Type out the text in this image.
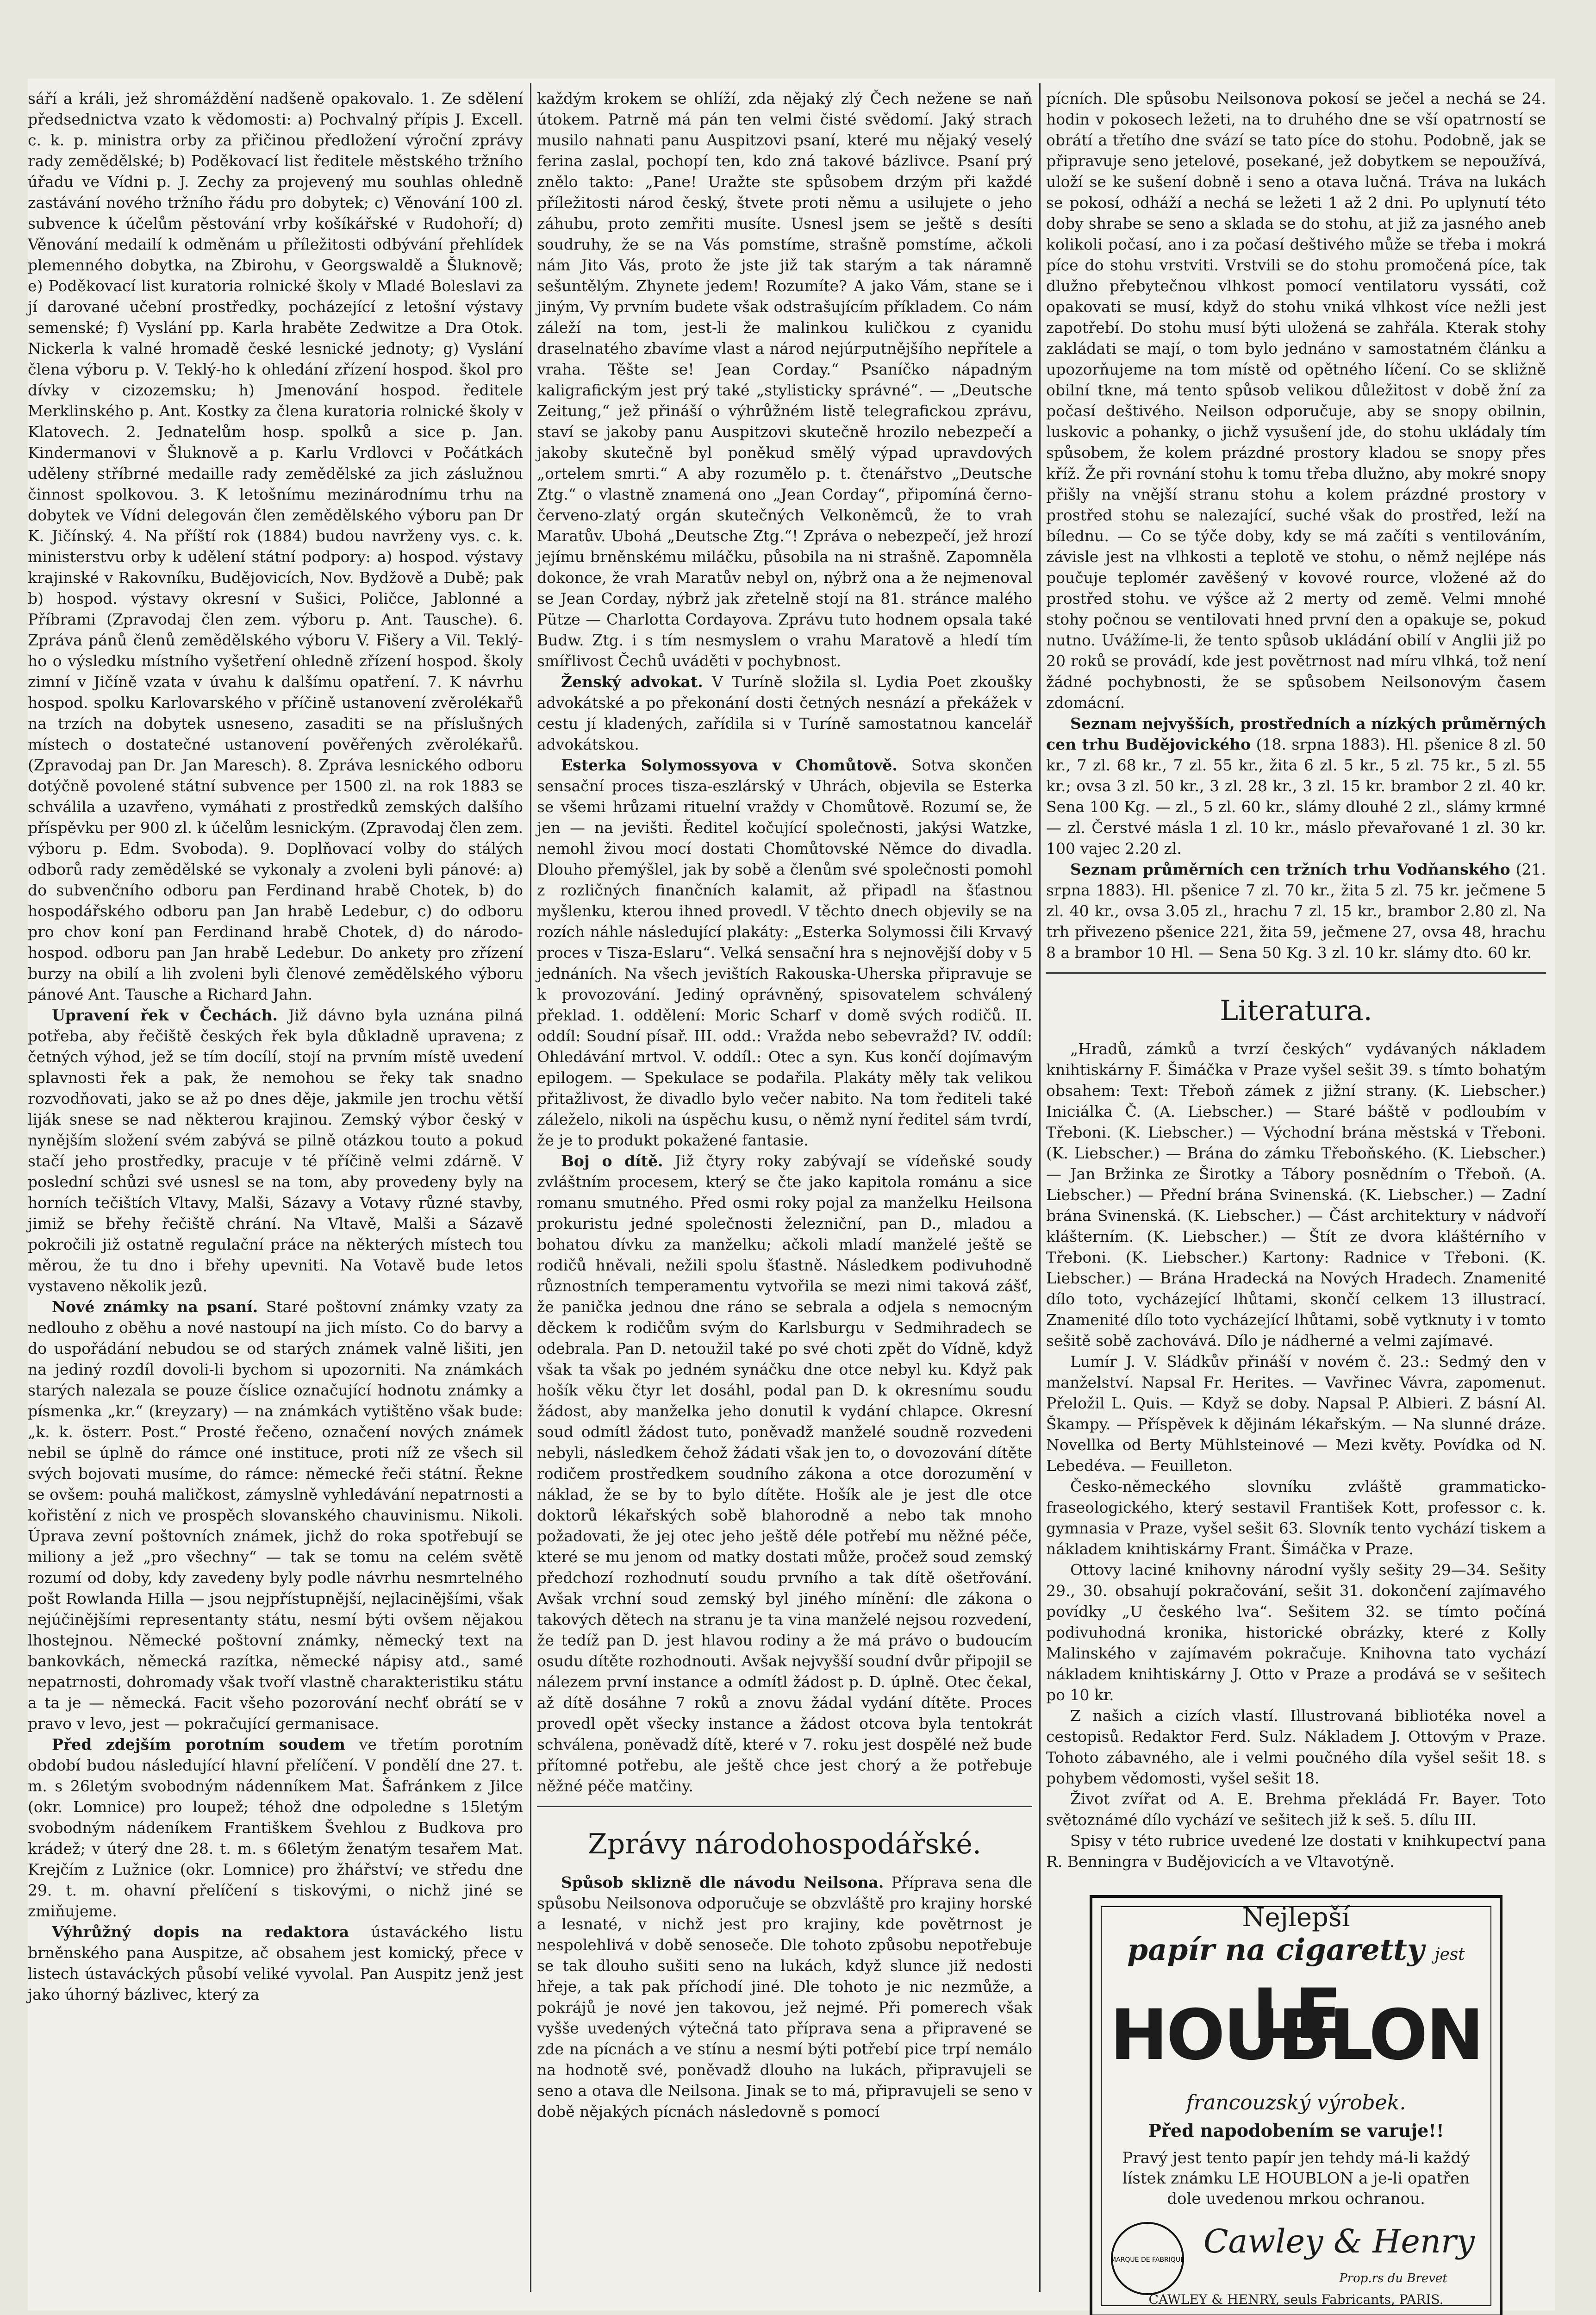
sáří a králi, jež shromáždění nadšeně opakovalo. 1. Ze sdělení předsednictva vzato k vědomosti: a) Pochvalný přípis J. Excell. c. k. p. ministra orby za přičinou předložení výroční zprávy rady zemědělské; b) Poděkovací list ředitele městského tržního úřadu ve Vídni p. J. Zechy za projevený mu souhlas ohledně zastávání nového tržního řádu pro dobytek; c) Věnování 100 zl. subvence k účelům pěstování vrby košíkářské v Rudohoří; d) Věnování medailí k odměnám u příležitosti odbývání přehlídek plemenného dobytka, na Zbirohu, v Georgswaldě a Šluknově; e) Poděkovací list kuratoria rolnické školy v Mladé Boleslavi za jí darované učební prostředky, pocházející z letošní výstavy semenské; f) Vyslání pp. Karla hraběte Zedwitze a Dra Otok. Nickerla k valné hromadě české lesnické jednoty; g) Vyslání člena výboru p. V. Teklý-ho k ohledání zřízení hospod. škol pro dívky v cizozemsku; h) Jmenování hospod. ředitele Merklinského p. Ant. Kostky za člena kuratoria rolnické školy v Klatovech. 2. Jednatelům hosp. spolků a sice p. Jan. Kindermanovi v Šluknově a p. Karlu Vrdlovci v Počátkách uděleny stříbrné medaille rady zemědělské za jich záslužnou činnost spolkovou. 3. K letošnímu mezinárodnímu trhu na dobytek ve Vídni delegován člen zemědělského výboru pan Dr K. Jičínský. 4. Na příští rok (1884) budou navrženy vys. c. k. ministerstvu orby k udělení státní podpory: a) hospod. výstavy krajinské v Rakovníku, Budějovicích, Nov. Bydžově a Dubě; pak b) hospod. výstavy okresní v Sušici, Poličce, Jablonné a Příbrami (Zpravodaj člen zem. výboru p. Ant. Tausche). 6. Zpráva pánů členů zemědělského výboru V. Fišery a Vil. Teklý-ho o výsledku místního vyšetření ohledně zřízení hospod. školy zimní v Jičíně vzata v úvahu k dalšímu opatření. 7. K návrhu hospod. spolku Karlovarského v příčině ustanovení zvěrolékařů na trzích na dobytek usneseno, zasaditi se na příslušných místech o dostatečné ustanovení pověřených zvěrolékařů. (Zpravodaj pan Dr. Jan Maresch). 8. Zpráva lesnického odboru dotýčně povolené státní subvence per 1500 zl. na rok 1883 se schválila a uzavřeno, vymáhati z prostředků zemských dalšího příspěvku per 900 zl. k účelům lesnickým. (Zpravodaj člen zem. výboru p. Edm. Svoboda). 9. Doplňovací volby do stálých odborů rady zemědělské se vykonaly a zvoleni byli pánové: a) do subvenčního odboru pan Ferdinand hrabě Chotek, b) do hospodářského odboru pan Jan hrabě Ledebur, c) do odboru pro chov koní pan Ferdinand hrabě Chotek, d) do národo-hospod. odboru pan Jan hrabě Ledebur. Do ankety pro zřízení burzy na obilí a lih zvoleni byli členové zemědělského výboru pánové Ant. Tausche a Richard Jahn.

Upravení řek v Čechách. Již dávno byla uznána pilná potřeba, aby řečiště českých řek byla důkladně upravena; z četných výhod, jež se tím docílí, stojí na prvním místě uvedení splavnosti řek a pak, že nemohou se řeky tak snadno rozvodňovati, jako se až po dnes děje, jakmile jen trochu větší liják snese se nad některou krajinou. Zemský výbor český v nynějším složení svém zabývá se pilně otázkou touto a pokud stačí jeho prostředky, pracuje v té příčině velmi zdárně. V poslední schůzi své usnesl se na tom, aby provedeny byly na horních tečištích Vltavy, Malši, Sázavy a Votavy různé stavby, jimiž se břehy řečiště chrání. Na Vltavě, Malši a Sázavě pokročili již ostatně regulační práce na některých místech tou měrou, že tu dno i břehy upevniti. Na Votavě bude letos vystaveno několik jezů.

Nové známky na psaní. Staré poštovní známky vzaty za nedlouho z oběhu a nové nastoupí na jich místo. Co do barvy a do uspořádání nebudou se od starých známek valně lišiti, jen na jediný rozdíl dovoli-li bychom si upozorniti. Na známkách starých nalezala se pouze číslice označující hodnotu známky a písmenka „kr.“ (kreyzary) — na známkách vytištěno však bude: „k. k. österr. Post.“ Prosté řečeno, označení nových známek nebil se úplně do rámce oné instituce, proti níž ze všech sil svých bojovati musíme, do rámce: německé řeči státní. Řekne se ovšem: pouhá maličkost, zámyslně vyhledávání nepatrnosti a kořistění z nich ve prospěch slovanského chauvinismu. Nikoli. Úprava zevní poštovních známek, jichž do roka spotřebují se miliony a jež „pro všechny“ — tak se tomu na celém světě rozumí od doby, kdy zavedeny byly podle návrhu nesmrtelného pošt Rowlanda Hilla — jsou nejpřístupnější, nejlacinějšími, však nejúčinějšími representanty státu, nesmí býti ovšem nějakou lhostejnou. Německé poštovní známky, německý text na bankovkách, německá razítka, německé nápisy atd., samé nepatrnosti, dohromady však tvoří vlastně charakteristiku státu a ta je — německá. Facit všeho pozorování nechť obrátí se v pravo v levo, jest — pokračující germanisace.

Před zdejším porotním soudem ve třetím porotním období budou následující hlavní přelíčení. V pondělí dne 27. t. m. s 26letým svobodným nádenníkem Mat. Šafránkem z Jilce (okr. Lomnice) pro loupež; téhož dne odpoledne s 15letým svobodným nádeníkem Františkem Švehlou z Budkova pro krádež; v úterý dne 28. t. m. s 66letým ženatým tesařem Mat. Krejčím z Lužnice (okr. Lomnice) pro žhářství; ve středu dne 29. t. m. ohavní přelíčení s tiskovými, o nichž jiné se zmiňujeme.

Výhrůžný dopis na redaktora ústaváckého listu brněnského pana Auspitze, ač obsahem jest komický, přece v listech ústaváckých působí veliké vyvolal. Pan Auspitz jenž jest jako úhorný bázlivec, který za

každým krokem se ohlíží, zda nějaký zlý Čech nežene se naň útokem. Patrně má pán ten velmi čisté svědomí. Jaký strach musilo nahnati panu Auspitzovi psaní, které mu nějaký veselý ferina zaslal, pochopí ten, kdo zná takové bázlivce. Psaní prý znělo takto: „Pane! Uražte ste spůsobem drzým při každé příležitosti národ český, štvete proti němu a usilujete o jeho záhubu, proto zemřiti musíte. Usnesl jsem se ještě s desíti soudruhy, že se na Vás pomstíme, strašně pomstíme, ačkoli nám Jito Vás, proto že jste již tak starým a tak náramně sešuntělým. Zhynete jedem! Rozumíte? A jako Vám, stane se i jiným, Vy prvním budete však odstrašujícím příkladem. Co nám záleží na tom, jest-li že malinkou kuličkou z cyanidu draselnatého zbavíme vlast a národ nejúrputnějšího nepřítele a vraha. Těšte se! Jean Corday.“ Psaníčko nápadným kaligrafickým jest prý také „stylisticky správné“. — „Deutsche Zeitung,“ jež přináší o výhrůžném listě telegrafickou zprávu, staví se jakoby panu Auspitzovi skutečně hrozilo nebezpečí a jakoby skutečně byl poněkud smělý výpad upravdových „ortelem smrti.“ A aby rozumělo p. t. čtenářstvo „Deutsche Ztg.“ o vlastně znamená ono „Jean Corday“, připomíná černo-červeno-zlatý orgán skutečných Velkoněmců, že to vrah Maratův. Ubohá „Deutsche Ztg.“! Zpráva o nebezpečí, jež hrozí jejímu brněnskému miláčku, působila na ni strašně. Zapomněla dokonce, že vrah Maratův nebyl on, nýbrž ona a že nejmenoval se Jean Corday, nýbrž jak zřetelně stojí na 81. stránce malého Pütze — Charlotta Cordayova. Zprávu tuto hodnem opsala také Budw. Ztg. i s tím nesmyslem o vrahu Maratově a hledí tím smířlivost Čechů uváděti v pochybnost.

Ženský advokat. V Turíně složila sl. Lydia Poet zkoušky advokátské a po překonání dosti četných nesnází a překážek v cestu jí kladených, zařídila si v Turíně samostatnou kancelář advokátskou.

Esterka Solymossyova v Chomůtově. Sotva skončen sensační proces tisza-eszlárský v Uhrách, objevila se Esterka se všemi hrůzami rituelní vraždy v Chomůtově. Rozumí se, že jen — na jevišti. Ředitel kočující společnosti, jakýsi Watzke, nemohl živou mocí dostati Chomůtovské Němce do divadla. Dlouho přemýšlel, jak by sobě a členům své společnosti pomohl z rozličných finančních kalamit, až připadl na šťastnou myšlenku, kterou ihned provedl. V těchto dnech objevily se na rozích náhle následující plakáty: „Esterka Solymossi čili Krvavý proces v Tisza-Eslaru“. Velká sensační hra s nejnovější doby v 5 jednáních. Na všech jevištích Rakouska-Uherska připravuje se k provozování. Jediný oprávněný, spisovatelem schválený překlad. 1. oddělení: Moric Scharf v domě svých rodičů. II. oddíl: Soudní písař. III. odd.: Vražda nebo sebevražd? IV. oddíl: Ohledávání mrtvol. V. oddíl.: Otec a syn. Kus končí dojímavým epilogem. — Spekulace se podařila. Plakáty měly tak velikou přitažlivost, že divadlo bylo večer nabito. Na tom řediteli také záleželo, nikoli na úspěchu kusu, o němž nyní ředitel sám tvrdí, že je to produkt pokažené fantasie.

Boj o dítě. Již čtyry roky zabývají se vídeňské soudy zvláštním procesem, který se čte jako kapitola románu a sice romanu smutného. Před osmi roky pojal za manželku Heilsona prokuristu jedné společnosti železniční, pan D., mladou a bohatou dívku za manželku; ačkoli mladí manželé ještě se rodičů hněvali, nežili spolu šťastně. Následkem podivuhodně různostních temperamentu vytvořila se mezi nimi taková zášť, že panička jednou dne ráno se sebrala a odjela s nemocným děckem k rodičům svým do Karlsburgu v Sedmihradech se odebrala. Pan D. netoužil také po své choti zpět do Vídně, když však ta však po jedném synáčku dne otce nebyl ku. Když pak hošík věku čtyr let dosáhl, podal pan D. k okresnímu soudu žádost, aby manželka jeho donutil k vydání chlapce. Okresní soud odmítl žádost tuto, poněvadž manželé soudně rozvedeni nebyli, následkem čehož žádati však jen to, o dovozování dítěte rodičem prostředkem soudního zákona a otce dorozumění v náklad, že se by to bylo dítěte. Hošík ale je jest dle otce doktorů lékařských sobě blahorodně a nebo tak mnoho požadovati, že jej otec jeho ještě déle potřebí mu něžné péče, které se mu jenom od matky dostati může, pročež soud zemský předchozí rozhodnutí soudu prvního a tak dítě ošetřování. Avšak vrchní soud zemský byl jiného mínění: dle zákona o takových dětech na stranu je ta vina manželé nejsou rozvedení, že tedíž pan D. jest hlavou rodiny a že má právo o budoucím osudu dítěte rozhodnouti. Avšak nejvyšší soudní dvůr připojil se nálezem první instance a odmítl žádost p. D. úplně. Otec čekal, až dítě dosáhne 7 roků a znovu žádal vydání dítěte. Proces provedl opět všecky instance a žádost otcova byla tentokrát schválena, poněvadž dítě, které v 7. roku jest dospělé než bude přítomné potřebu, ale ještě chce jest chorý a že potřebuje něžné péče matčiny.

Zprávy národohospodářské.

Spůsob skliznĕ dle návodu Neilsona. Příprava sena dle spůsobu Neilsonova odporučuje se obzvláště pro krajiny horské a lesnaté, v nichž jest pro krajiny, kde povětrnost je nespolehlivá v době senoseče. Dle tohoto způsobu nepotřebuje se tak dlouho sušiti seno na lukách, když slunce již nedosti hřeje, a tak pak příchodí jiné. Dle tohoto je nic nezmůže, a pokrájů je nové jen takovou, jež nejmé. Při pomerech však vyšše uvedených výtečná tato příprava sena a připravené se zde na pícnách a ve stínu a nesmí býti potřebí pice trpí nemálo na hodnotě své, poněvadž dlouho na lukách, připravujeli se seno a otava dle Neilsona. Jinak se to má, připravujeli se seno v době nějakých pícnách následovně s pomocí

pícních. Dle spůsobu Neilsonova pokosí se ječel a nechá se 24. hodin v pokosech ležeti, na to druhého dne se vší opatrností se obrátí a třetího dne svází se tato píce do stohu. Podobně, jak se připravuje seno jetelové, posekané, jež dobytkem se nepoužívá, uloží se ke sušení dobně i seno a otava lučná. Tráva na lukách se pokosí, odháží a nechá se ležeti 1 až 2 dni. Po uplynutí této doby shrabe se seno a sklada se do stohu, at již za jasného aneb kolikoli počasí, ano i za počasí deštivého může se třeba i mokrá píce do stohu vrstviti. Vrstvili se do stohu promočená píce, tak dlužno přebytečnou vlhkost pomocí ventilatoru vyssáti, což opakovati se musí, když do stohu vniká vlhkost více nežli jest zapotřebí. Do stohu musí býti uložená se zahřála. Kterak stohy zakládati se mají, o tom bylo jednáno v samostatném článku a upozorňujeme na tom místě od opětného líčení. Co se skližně obilní tkne, má tento spůsob velikou důležitost v době žní za počasí deštivého. Neilson odporučuje, aby se snopy obilnin, luskovic a pohanky, o jichž vysušení jde, do stohu ukládaly tím spůsobem, že kolem prázdné prostory kladou se snopy přes kříž. Že při rovnání stohu k tomu třeba dlužno, aby mokré snopy přišly na vnější stranu stohu a kolem prázdné prostory v prostřed stohu se nalezající, suché však do prostřed, leží na bílednu. — Co se týče doby, kdy se má začíti s ventilováním, závisle jest na vlhkosti a teplotě ve stohu, o němž nejlépe nás poučuje teplomér zavěšený v kovové rource, vložené až do prostřed stohu. ve výšce až 2 merty od země. Velmi mnohé stohy počnou se ventilovati hned první den a opakuje se, pokud nutno. Uvážíme-li, že tento spůsob ukládání obilí v Anglii již po 20 roků se provádí, kde jest povětrnost nad míru vlhká, tož není žádné pochybnosti, že se spůsobem Neilsonovým časem zdomácní.

Seznam nejvyšších, prostředních a nízkých průměrných cen trhu Budějovického (18. srpna 1883). Hl. pšenice 8 zl. 50 kr., 7 zl. 68 kr., 7 zl. 55 kr., žita 6 zl. 5 kr., 5 zl. 75 kr., 5 zl. 55 kr.; ovsa 3 zl. 50 kr., 3 zl. 28 kr., 3 zl. 15 kr. brambor 2 zl. 40 kr. Sena 100 Kg. — zl., 5 zl. 60 kr., slámy dlouhé 2 zl., slámy krmné — zl. Čerstvé másla 1 zl. 10 kr., máslo převařované 1 zl. 30 kr. 100 vajec 2.20 zl.

Seznam průměrních cen tržních trhu Vodňanského (21. srpna 1883). Hl. pšenice 7 zl. 70 kr., žita 5 zl. 75 kr. ječmene 5 zl. 40 kr., ovsa 3.05 zl., hrachu 7 zl. 15 kr., brambor 2.80 zl. Na trh přivezeno pšenice 221, žita 59, ječmene 27, ovsa 48, hrachu 8 a brambor 10 Hl. — Sena 50 Kg. 3 zl. 10 kr. slámy dto. 60 kr.

Literatura.

„Hradů, zámků a tvrzí českých“ vydávaných nákladem knihtiskárny F. Šimáčka v Praze vyšel sešit 39. s tímto bohatým obsahem: Text: Třeboň zámek z jižní strany. (K. Liebscher.) Iniciálka Č. (A. Liebscher.) — Staré báště v podloubím v Třeboni. (K. Liebscher.) — Východní brána městská v Třeboni. (K. Liebscher.) — Brána do zámku Třeboňského. (K. Liebscher.) — Jan Bržinka ze Širotky a Tábory posnědním o Třeboň. (A. Liebscher.) — Přední brána Svinenská. (K. Liebscher.) — Zadní brána Svinenská. (K. Liebscher.) — Část architektury v nádvoří klášterním. (K. Liebscher.) — Štít ze dvora kláštérního v Třeboni. (K. Liebscher.) Kartony: Radnice v Třeboni. (K. Liebscher.) — Brána Hradecká na Nových Hradech. Znamenité dílo toto, vycházející lhůtami, skončí celkem 13 illustrací. Znamenité dílo toto vycházející lhůtami, sobě vytknuty i v tomto sešitě sobě zachovává. Dílo je nádherné a velmi zajímavé.

Lumír J. V. Sládkův přináší v novém č. 23.: Sedmý den v manželství. Napsal Fr. Herites. — Vavřinec Vávra, zapomenut. Přeložil L. Quis. — Když se doby. Napsal P. Albieri. Z básní Al. Škampy. — Příspěvek k dějinám lékařským. — Na slunné dráze. Novellka od Berty Mühlsteinové — Mezi květy. Povídka od N. Lebedéva. — Feuilleton.

Česko-německého slovníku zvláště grammaticko-fraseologického, který sestavil František Kott, professor c. k. gymnasia v Praze, vyšel sešit 63. Slovník tento vychází tiskem a nákladem knihtiskárny Frant. Šimáčka v Praze.

Ottovy laciné knihovny národní vyšly sešity 29—34. Sešity 29., 30. obsahují pokračování, sešit 31. dokončení zajímavého povídky „U českého lva“. Sešitem 32. se tímto počíná podivuhodná kronika, historické obrázky, které z Kolly Malinského v zajímavém pokračuje. Knihovna tato vychází nákladem knihtiskárny J. Otto v Praze a prodává se v sešitech po 10 kr.

Z našich a cizích vlastí. Illustrovaná bibliotéka novel a cestopisů. Redaktor Ferd. Sulz. Nákladem J. Ottovým v Praze. Tohoto zábavného, ale i velmi poučného díla vyšel sešit 18. s pohybem vědomosti, vyšel sešit 18.

Život zvířat od A. E. Brehma překládá Fr. Bayer. Toto světoznámé dílo vychází ve sešitech již k seš. 5. dílu III.

Spisy v této rubrice uvedené lze dostati v knihkupectví pana R. Benningra v Budějovicích a ve Vltavotýně.

Nejlepší
papír na cigaretty jest
LE HOUBLON
francouzský výrobek.
Před napodobením se varuje!!
Pravý jest tento papír jen tehdy má-li každý lístek známku LE HOUBLON a je-li opatřen dole uvedenou mrkou ochranou.
MARQUE DE FABRIQUE Cawley & Henry
Prop.rs du Brevet
CAWLEY & HENRY, seuls Fabricants, PARIS.
